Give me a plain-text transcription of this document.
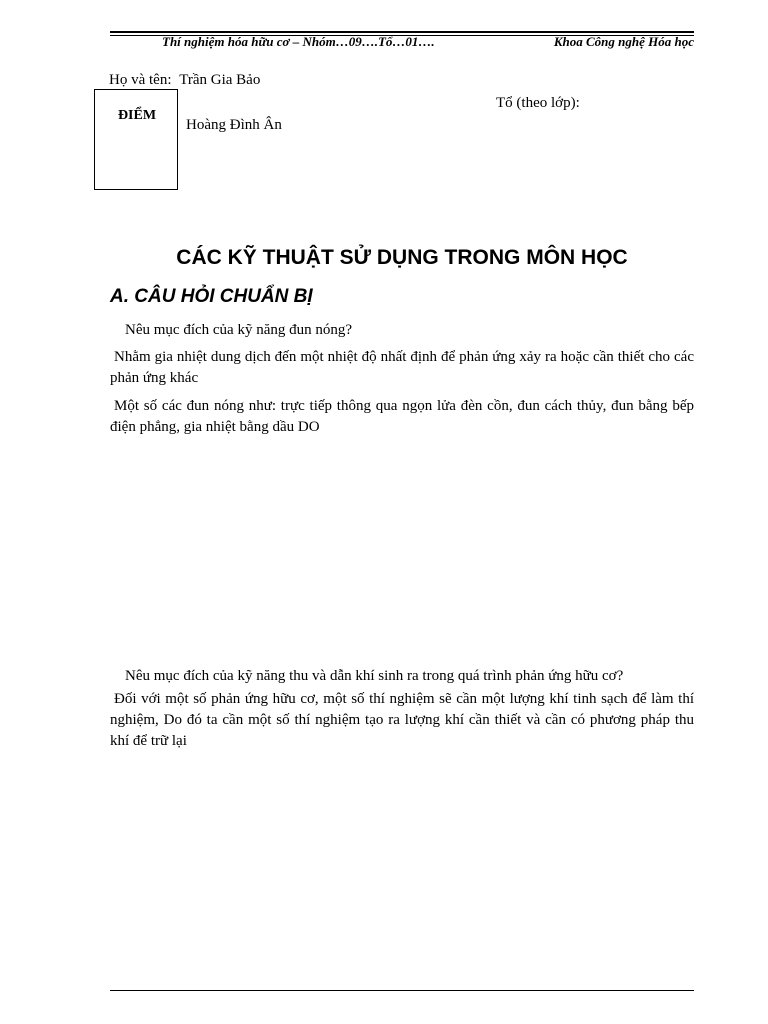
Thí nghiệm hóa hữu cơ – Nhóm…09….Tổ…01….	Khoa Công nghệ Hóa học
Họ và tên: Trần Gia Bảo
ĐIỂM
Hoàng Đình Ân
Tổ (theo lớp):
CÁC KỸ THUẬT SỬ DỤNG TRONG MÔN HỌC
A. CÂU HỎI CHUẨN BỊ
Nêu mục đích của kỹ năng đun nóng?
Nhằm gia nhiệt dung dịch đến một nhiệt độ nhất định để phản ứng xảy ra hoặc cần thiết cho các phản ứng khác
Một số các đun nóng như: trực tiếp thông qua ngọn lửa đèn cồn, đun cách thủy, đun bằng bếp điện phẳng, gia nhiệt bằng dầu DO
Nêu mục đích của kỹ năng thu và dẫn khí sinh ra trong quá trình phản ứng hữu cơ?
Đối với một số phản ứng hữu cơ, một số thí nghiệm sẽ cần một lượng khí tinh sạch để làm thí nghiệm, Do đó ta cần một số thí nghiệm tạo ra lượng khí cần thiết và cần có phương pháp thu khí để trữ lại
